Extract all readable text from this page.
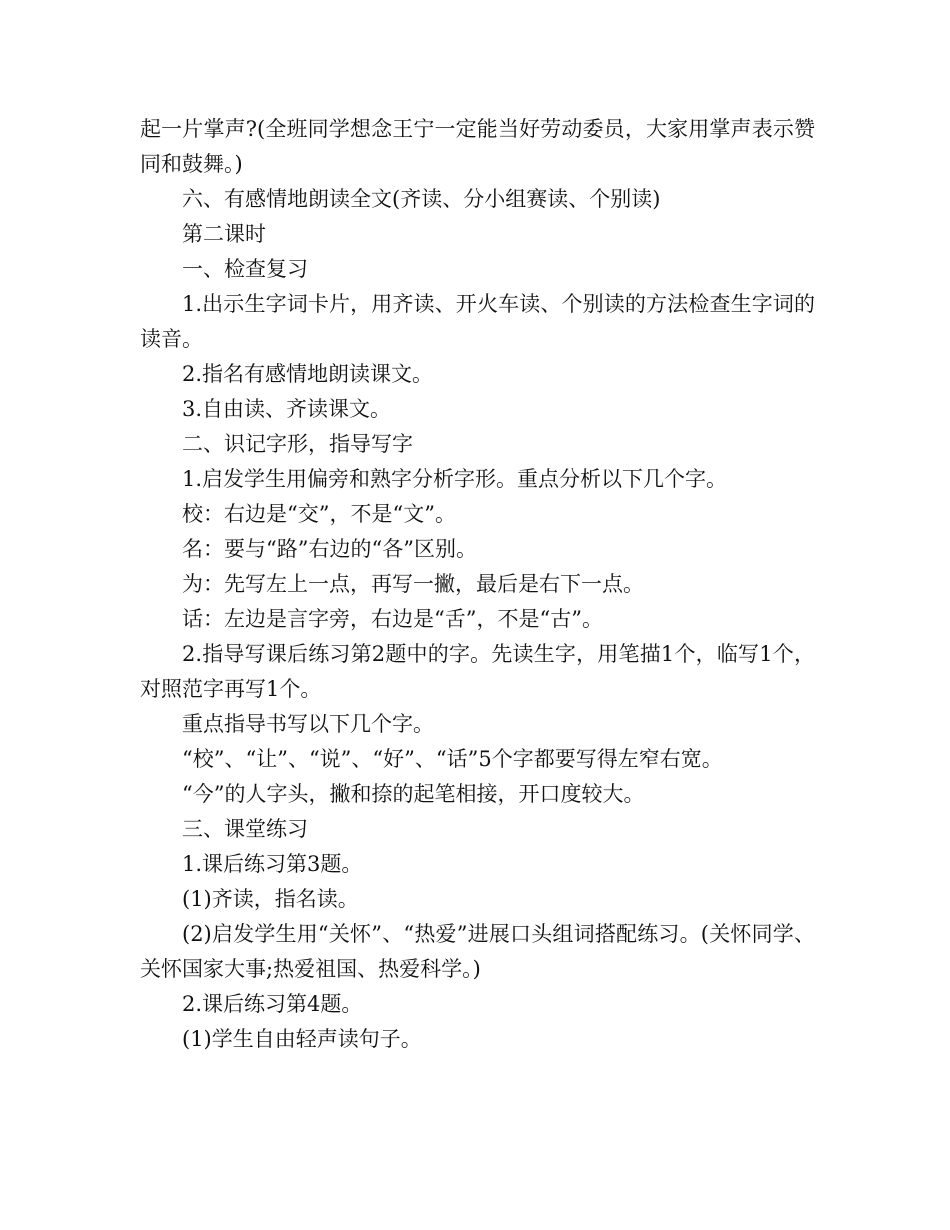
起一片掌声?(全班同学想念王宁一定能当好劳动委员，大家用掌声表示赞同和鼓舞。)

六、有感情地朗读全文(齐读、分小组赛读、个别读)

第二课时

一、检查复习

1.出示生字词卡片，用齐读、开火车读、个别读的方法检查生字词的读音。

2.指名有感情地朗读课文。

3.自由读、齐读课文。

二、识记字形，指导写字

1.启发学生用偏旁和熟字分析字形。重点分析以下几个字。

校：右边是“交”，不是“文”。

名：要与“路”右边的“各”区别。

为：先写左上一点，再写一撇，最后是右下一点。

话：左边是言字旁，右边是“舌”，不是“古”。

2.指导写课后练习第2题中的字。先读生字，用笔描1个，临写1个，对照范字再写1个。

重点指导书写以下几个字。

“校”、“让”、“说”、“好”、“话”5个字都要写得左窄右宽。

“今”的人字头，撇和捺的起笔相接，开口度较大。

三、课堂练习

1.课后练习第3题。

(1)齐读，指名读。

(2)启发学生用“关怀”、“热爱”进展口头组词搭配练习。(关怀同学、关怀国家大事;热爱祖国、热爱科学。)

2.课后练习第4题。

(1)学生自由轻声读句子。
